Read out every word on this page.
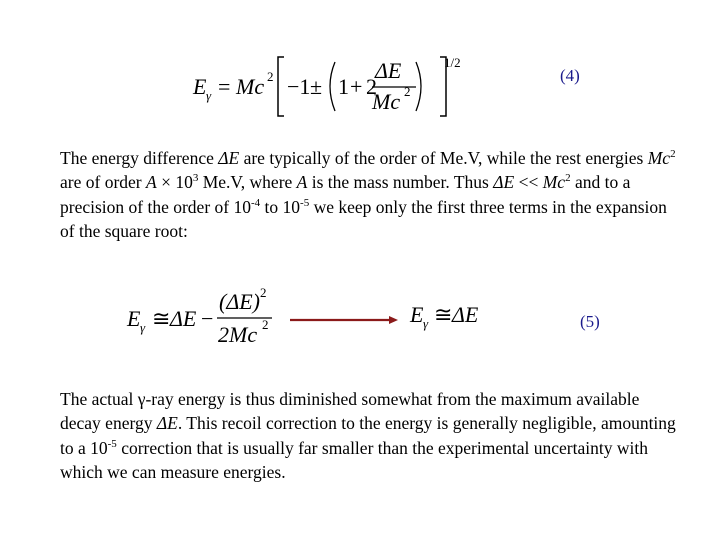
E γ = Mc 2 −1 ± 1 + 2
ΔE
Mc 2
1/2
(4)
The energy difference ΔE are typically of the order of Me.V, while the rest energies Mc$^2$ are of order $A \times 10^3$ Me.V, where A is the mass number. Thus $\Delta E << Mc^2$ and to a precision of the order of $10^{-4}$ to $10^{-5}$ we keep only the first three terms in the expansion of the square root:
E γ ≅ ΔE −
(ΔE) 2
2Mc 2	E γ ≅ ΔE	(5)
The actual γ-ray energy is thus diminished somewhat from the maximum available decay energy ΔE. This recoil correction to the energy is generally negligible, amounting to a $10^{-5}$ correction that is usually far smaller than the experimental uncertainty with which we can measure energies.
